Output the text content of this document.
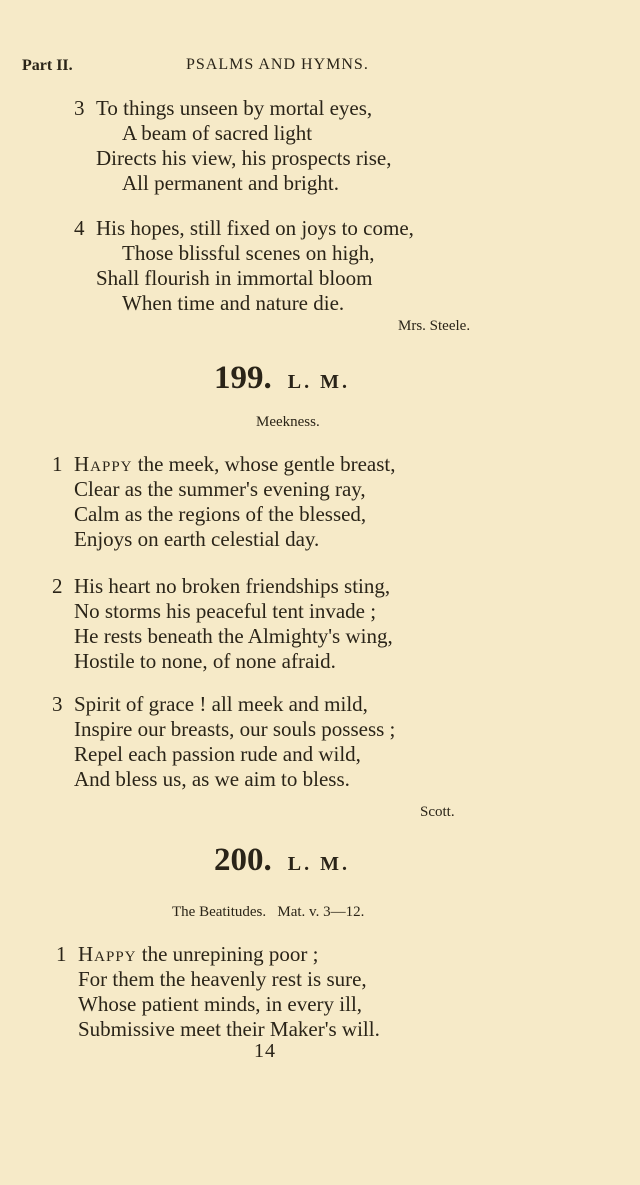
Part II.	PSALMS AND HYMNS.
3 To things unseen by mortal eyes,
A beam of sacred light
Directs his view, his prospects rise,
All permanent and bright.
4 His hopes, still fixed on joys to come,
Those blissful scenes on high,
Shall flourish in immortal bloom
When time and nature die.
Mrs. Steele.
199. L. M.
Meekness.
1 Happy the meek, whose gentle breast,
Clear as the summer's evening ray,
Calm as the regions of the blessed,
Enjoys on earth celestial day.
2 His heart no broken friendships sting,
No storms his peaceful tent invade ;
He rests beneath the Almighty's wing,
Hostile to none, of none afraid.
3 Spirit of grace ! all meek and mild,
Inspire our breasts, our souls possess ;
Repel each passion rude and wild,
And bless us, as we aim to bless.
Scott.
200. L. M.
The Beatitudes.   Mat. v. 3—12.
1 Happy the unrepining poor ;
For them the heavenly rest is sure,
Whose patient minds, in every ill,
Submissive meet their Maker's will.
14
